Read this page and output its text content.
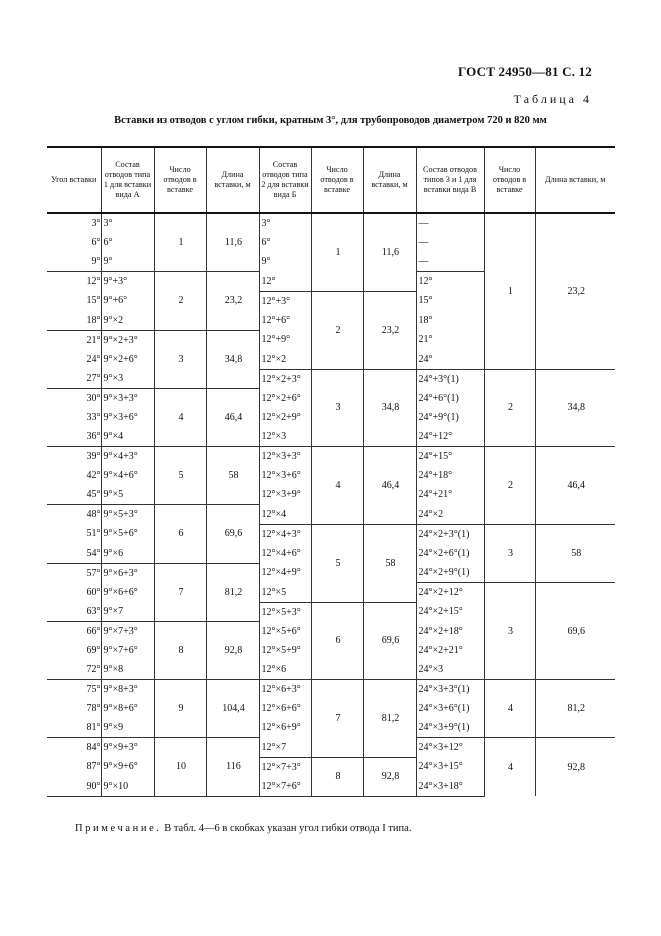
ГОСТ 24950—81 С. 12
Таблица 4
Вставки из отводов с углом гибки, кратным 3°, для трубопроводов диаметром 720 и 820 мм
Угол вставки	Состав отводов типа 1 для вставки вида А	Число отводов в вставке	Длина вставки, м	Состав отводов типа 2 для вставки вида Б	Число отводов в вставке	Длина вставки, м	Состав отводов типов 3 и 1 для вставки вида В	Число отводов в вставке	Длина вставки, м
3°	3°	1	11,6	3°	1	11,6	—	1	23,2
6°	6°			6°			—		
9°	9°			9°			—		
12°	9°+3°	2	23,2	12°			12°		
15°	9°+6°			12°+3°	2	23,2	15°		
18°	9°×2			12°+6°			18°		
21°	9°×2+3°	3	34,8	12°+9°			21°		
24°	9°×2+6°			12°×2			24°		
27°	9°×3			12°×2+3°	3	34,8	24°+3°(1)	2	34,8
30°	9°×3+3°	4	46,4	12°×2+6°			24°+6°(1)		
33°	9°×3+6°			12°×2+9°			24°+9°(1)		
36°	9°×4			12°×3			24°+12°		
39°	9°×4+3°	5	58	12°×3+3°	4	46,4	24°+15°	2	46,4
42°	9°×4+6°			12°×3+6°			24°+18°		
45°	9°×5			12°×3+9°			24°+21°		
48°	9°×5+3°	6	69,6	12°×4			24°×2		
51°	9°×5+6°			12°×4+3°	5	58	24°×2+3°(1)	3	58
54°	9°×6			12°×4+6°			24°×2+6°(1)		
57°	9°×6+3°	7	81,2	12°×4+9°			24°×2+9°(1)		
60°	9°×6+6°			12°×5			24°×2+12°	3	69,6
63°	9°×7			12°×5+3°	6	69,6	24°×2+15°		
66°	9°×7+3°	8	92,8	12°×5+6°			24°×2+18°		
69°	9°×7+6°			12°×5+9°			24°×2+21°		
72°	9°×8			12°×6			24°×3		
75°	9°×8+3°	9	104,4	12°×6+3°	7	81,2	24°×3+3°(1)	4	81,2
78°	9°×8+6°			12°×6+6°			24°×3+6°(1)		
81°	9°×9			12°×6+9°			24°×3+9°(1)		
84°	9°×9+3°	10	116	12°×7			24°×3+12°	4	92,8
87°	9°×9+6°			12°×7+3°	8	92,8	24°×3+15°		
90°	9°×10			12°×7+6°			24°×3+18°		
Примечание. В табл. 4—6 в скобках указан угол гибки отвода I типа.
